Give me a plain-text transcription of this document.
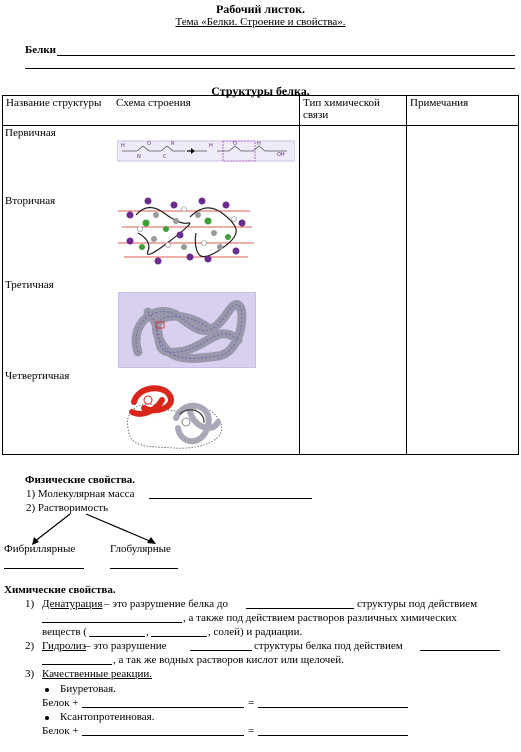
Рабочий листок.
Тема «Белки. Строение и свойства».
Белки
Структуры белка.
Название структуры	Схема строения	Тип химической связи	Примечания

Первичная
Вторичная
Третичная
Четвертичная
H	O	R	H	O	H
OH
N	C
Физические свойства.
1) Молекулярная масса
2) Растворимость
Фибриллярные	Глобулярные
Химические свойства.
1) Денатурация – это разрушение белка до	структуры под действием
, а также под действием растворов различных химических
веществ (	,	, солей) и радиации.
2) Гидролиз – это разрушение	структуры белка под действием
, а так же водных растворов кислот или щелочей.
3) Качественные реакции.
Биуретовая.
Белок +	=
Ксантопротеиновая.
Белок +	=
